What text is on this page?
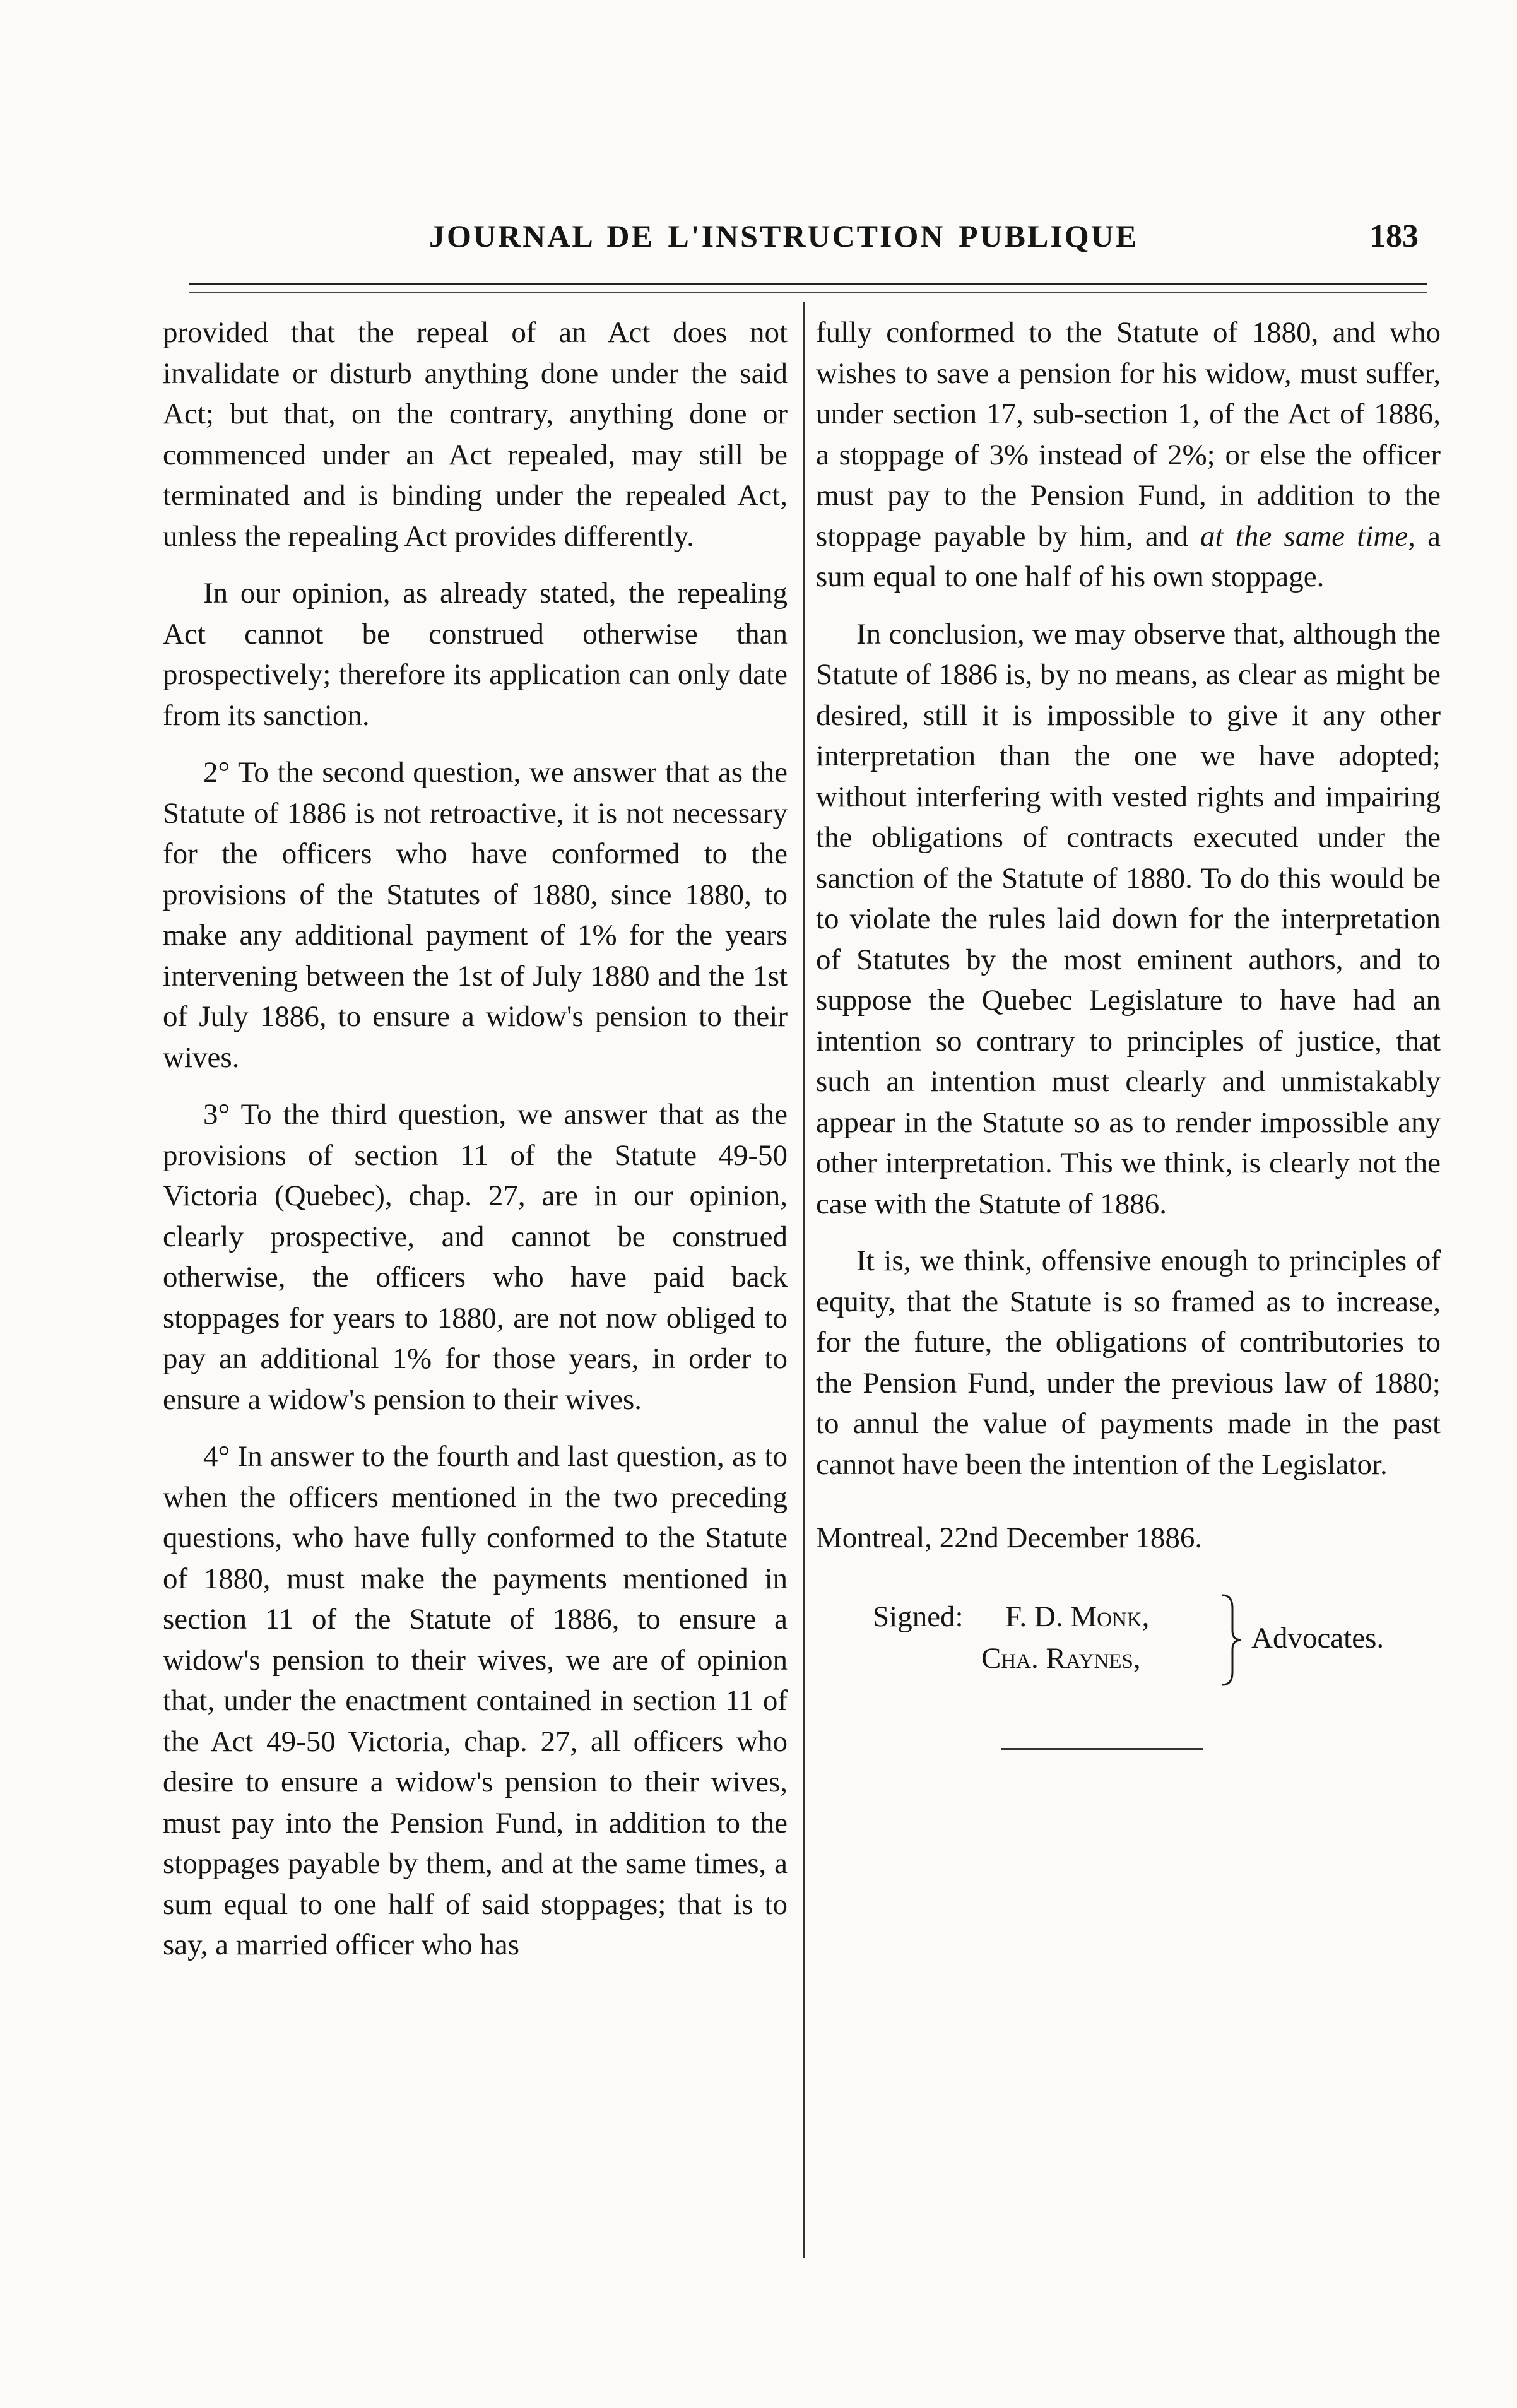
JOURNAL DE L'INSTRUCTION PUBLIQUE	183

provided that the repeal of an Act does not invalidate or disturb anything done under the said Act; but that, on the contrary, anything done or commenced under an Act repealed, may still be terminated and is binding under the repealed Act, unless the repealing Act provides differently.

In our opinion, as already stated, the repealing Act cannot be construed otherwise than prospectively; therefore its application can only date from its sanction.

2° To the second question, we answer that as the Statute of 1886 is not retroactive, it is not necessary for the officers who have conformed to the provisions of the Statutes of 1880, since 1880, to make any additional payment of 1% for the years intervening between the 1st of July 1880 and the 1st of July 1886, to ensure a widow's pension to their wives.

3° To the third question, we answer that as the provisions of section 11 of the Statute 49-50 Victoria (Quebec), chap. 27, are in our opinion, clearly prospective, and cannot be construed otherwise, the officers who have paid back stoppages for years to 1880, are not now obliged to pay an additional 1% for those years, in order to ensure a widow's pension to their wives.

4° In answer to the fourth and last question, as to when the officers mentioned in the two preceding questions, who have fully conformed to the Statute of 1880, must make the payments mentioned in section 11 of the Statute of 1886, to ensure a widow's pension to their wives, we are of opinion that, under the enactment contained in section 11 of the Act 49-50 Victoria, chap. 27, all officers who desire to ensure a widow's pension to their wives, must pay into the Pension Fund, in addition to the stoppages payable by them, and at the same times, a sum equal to one half of said stoppages; that is to say, a married officer who has

fully conformed to the Statute of 1880, and who wishes to save a pension for his widow, must suffer, under section 17, sub-section 1, of the Act of 1886, a stoppage of 3% instead of 2%; or else the officer must pay to the Pension Fund, in addition to the stoppage payable by him, and at the same time, a sum equal to one half of his own stoppage.

In conclusion, we may observe that, although the Statute of 1886 is, by no means, as clear as might be desired, still it is impossible to give it any other interpretation than the one we have adopted; without interfering with vested rights and impairing the obligations of contracts executed under the sanction of the Statute of 1880. To do this would be to violate the rules laid down for the interpretation of Statutes by the most eminent authors, and to suppose the Quebec Legislature to have had an intention so contrary to principles of justice, that such an intention must clearly and unmistakably appear in the Statute so as to render impossible any other interpretation. This we think, is clearly not the case with the Statute of 1886.

It is, we think, offensive enough to principles of equity, that the Statute is so framed as to increase, for the future, the obligations of contributories to the Pension Fund, under the previous law of 1880; to annul the value of payments made in the past cannot have been the intention of the Legislator.

Montreal, 22nd December 1886.

Signed: F. D. Monk,
Cha. Raynes,
Advocates.
